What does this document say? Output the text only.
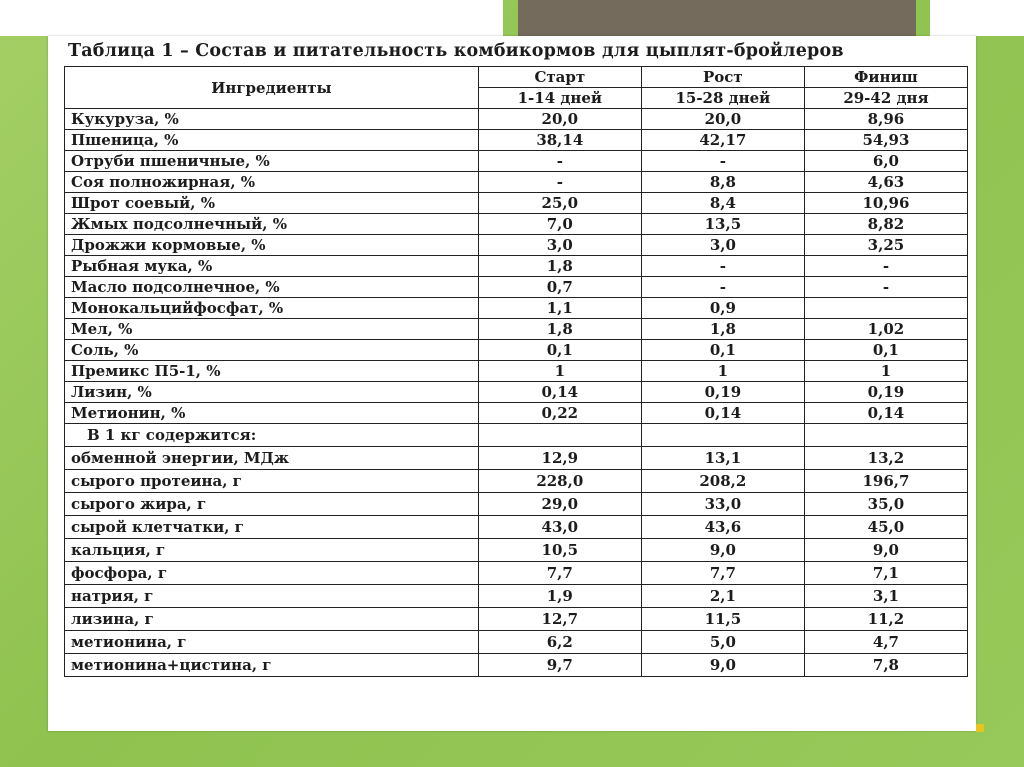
Таблица 1 – Состав и питательность комбикормов для цыплят-бройлеров
Ингредиенты	Старт	Рост	Финиш
	1-14 дней	15-28 дней	29-42 дня
Кукуруза, %	20,0	20,0	8,96
Пшеница, %	38,14	42,17	54,93
Отруби пшеничные, %	-	-	6,0
Соя полножирная, %	-	8,8	4,63
Шрот соевый, %	25,0	8,4	10,96
Жмых подсолнечный, %	7,0	13,5	8,82
Дрожжи кормовые, %	3,0	3,0	3,25
Рыбная мука, %	1,8	-	-
Масло подсолнечное, %	0,7	-	-
Монокальцийфосфат, %	1,1	0,9	
Мел, %	1,8	1,8	1,02
Соль, %	0,1	0,1	0,1
Премикс П5-1, %	1	1	1
Лизин, %	0,14	0,19	0,19
Метионин, %	0,22	0,14	0,14
В 1 кг содержится:			
обменной энергии, МДж	12,9	13,1	13,2
сырого протеина, г	228,0	208,2	196,7
сырого жира, г	29,0	33,0	35,0
сырой клетчатки, г	43,0	43,6	45,0
кальция, г	10,5	9,0	9,0
фосфора, г	7,7	7,7	7,1
натрия, г	1,9	2,1	3,1
лизина, г	12,7	11,5	11,2
метионина, г	6,2	5,0	4,7
метионина+цистина, г	9,7	9,0	7,8
